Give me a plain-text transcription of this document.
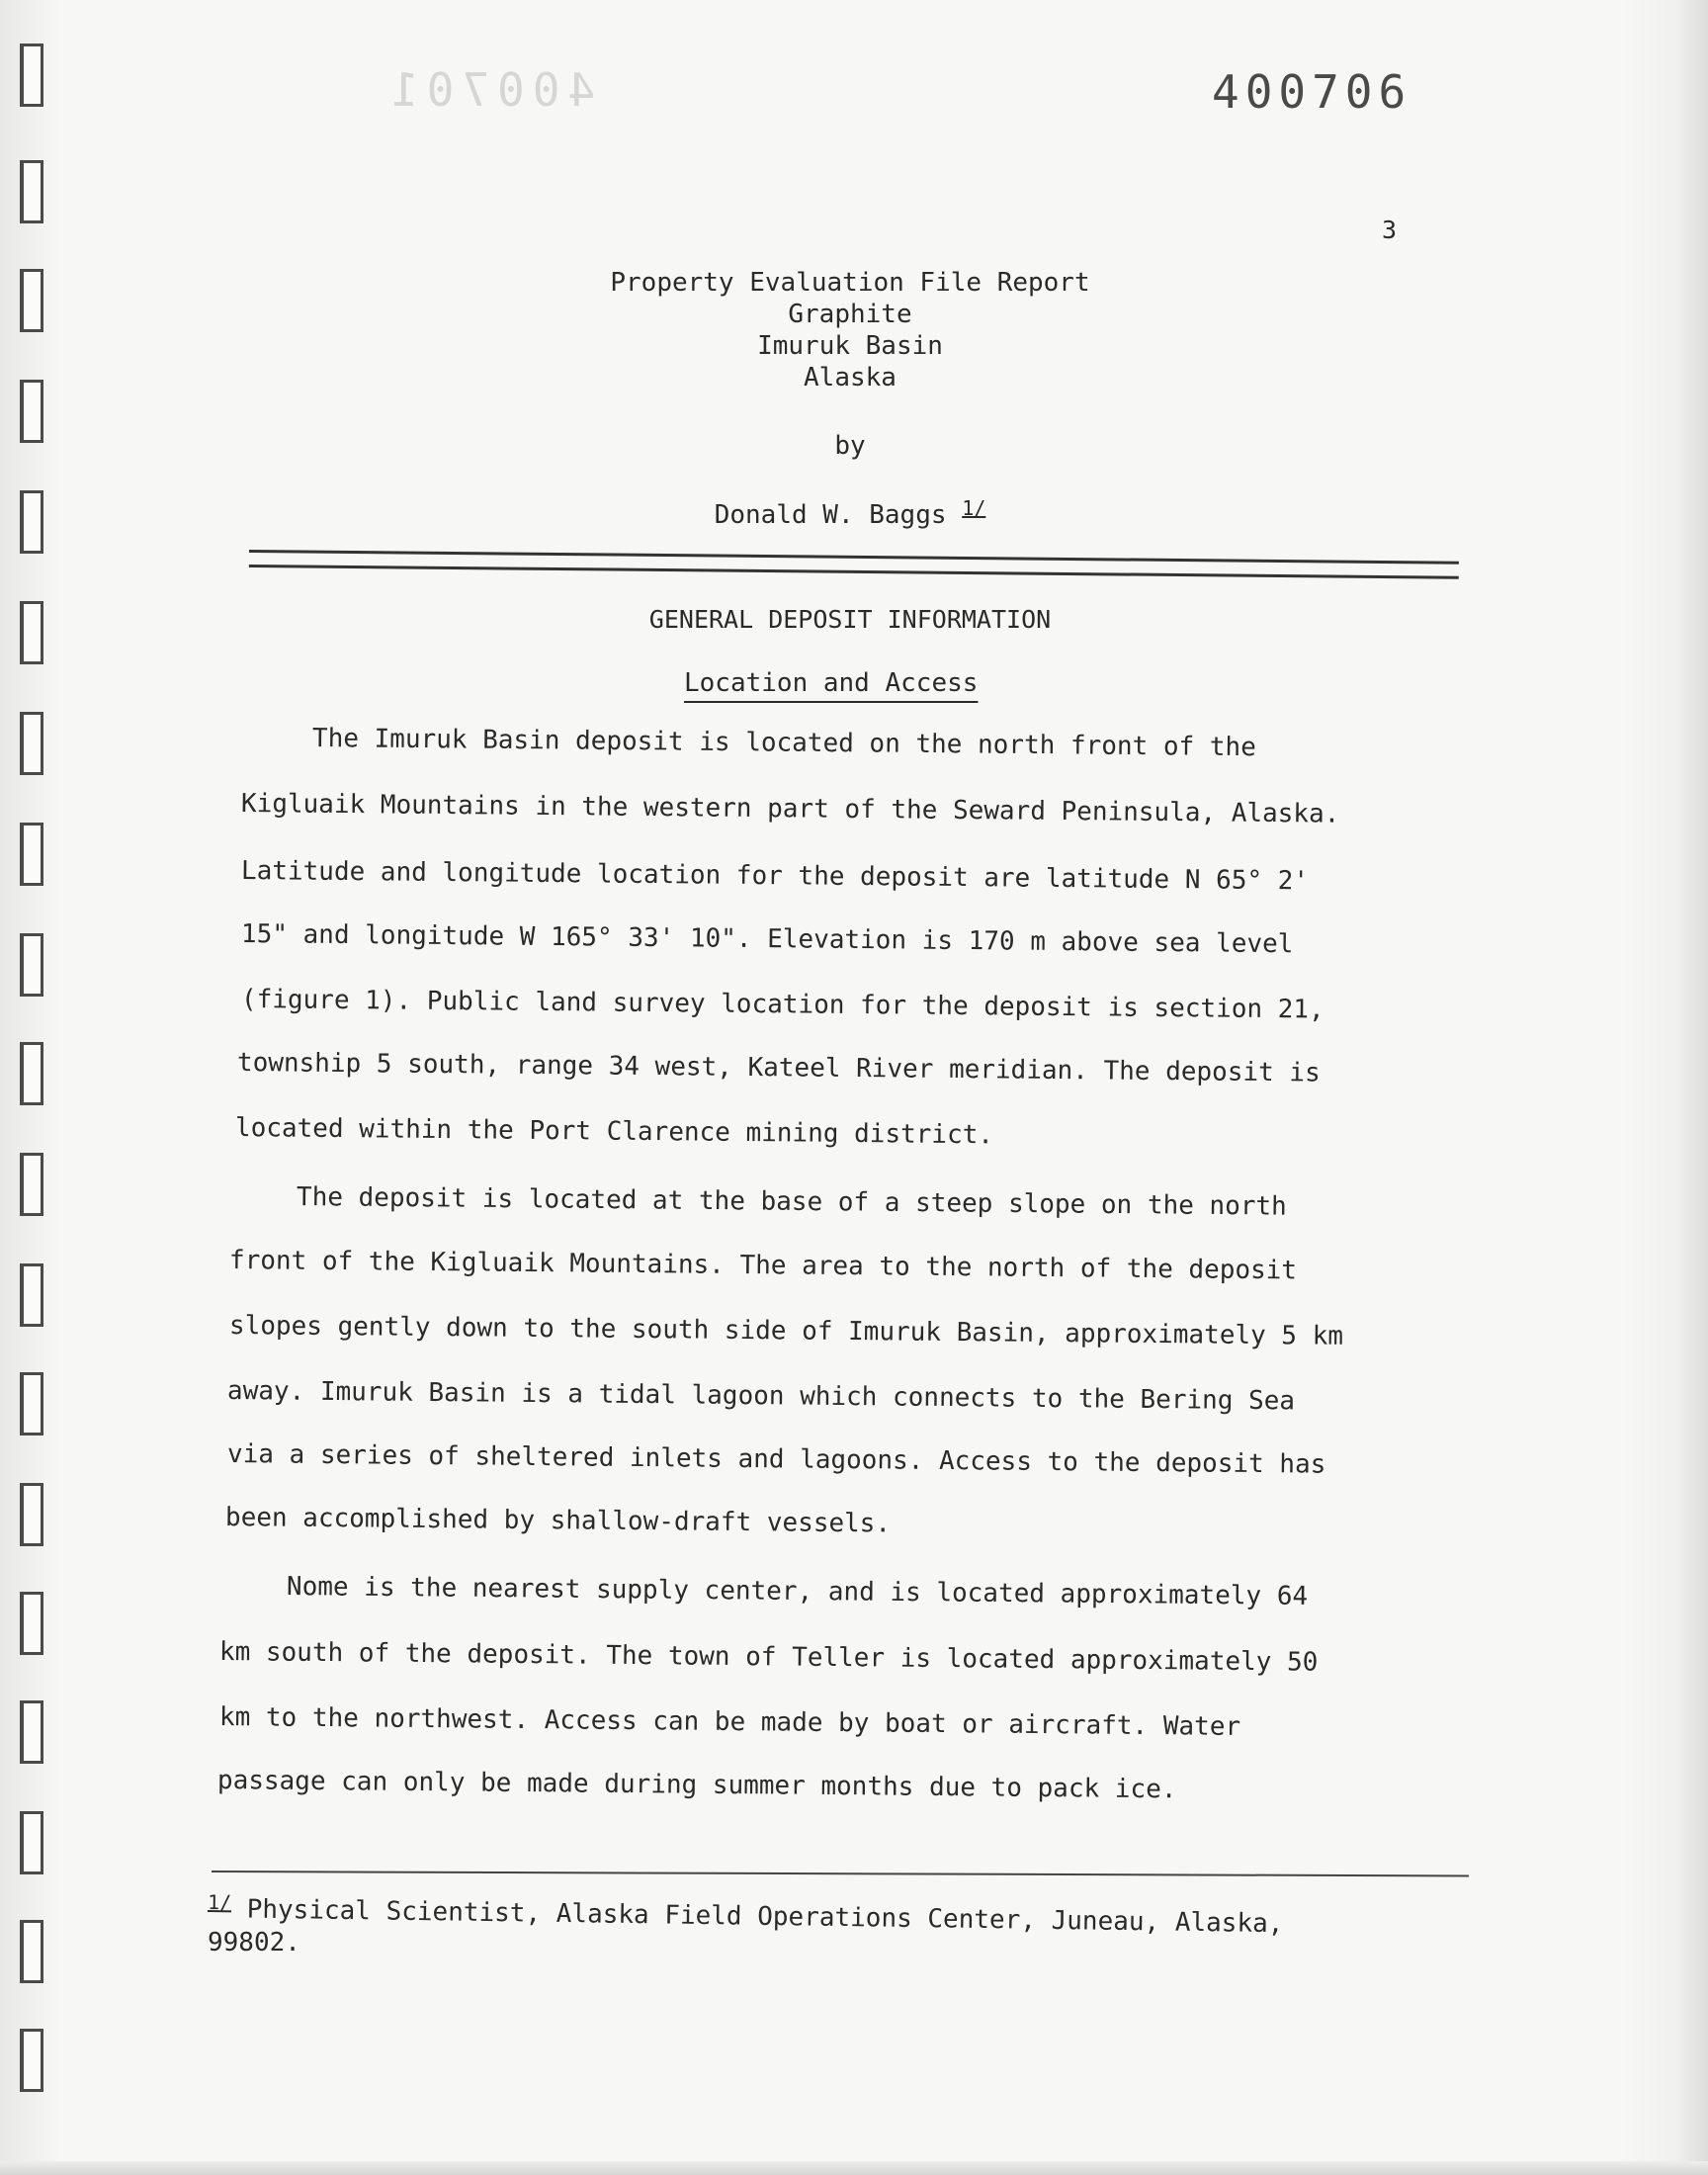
400701	400706
3
Property Evaluation File Report
Graphite
Imuruk Basin
Alaska
by
Donald W. Baggs $^{1/}$
GENERAL DEPOSIT INFORMATION
Location and Access
The Imuruk Basin deposit is located on the north front of the
Kigluaik Mountains in the western part of the Seward Peninsula, Alaska.
Latitude and longitude location for the deposit are latitude N 65° 2'
15" and longitude W 165° 33' 10". Elevation is 170 m above sea level
(figure 1). Public land survey location for the deposit is section 21,
township 5 south, range 34 west, Kateel River meridian. The deposit is
located within the Port Clarence mining district.
The deposit is located at the base of a steep slope on the north
front of the Kigluaik Mountains. The area to the north of the deposit
slopes gently down to the south side of Imuruk Basin, approximately 5 km
away. Imuruk Basin is a tidal lagoon which connects to the Bering Sea
via a series of sheltered inlets and lagoons. Access to the deposit has
been accomplished by shallow-draft vessels.
Nome is the nearest supply center, and is located approximately 64
km south of the deposit. The town of Teller is located approximately 50
km to the northwest. Access can be made by boat or aircraft. Water
passage can only be made during summer months due to pack ice.
$^{1/}$ Physical Scientist, Alaska Field Operations Center, Juneau, Alaska,
99802.
